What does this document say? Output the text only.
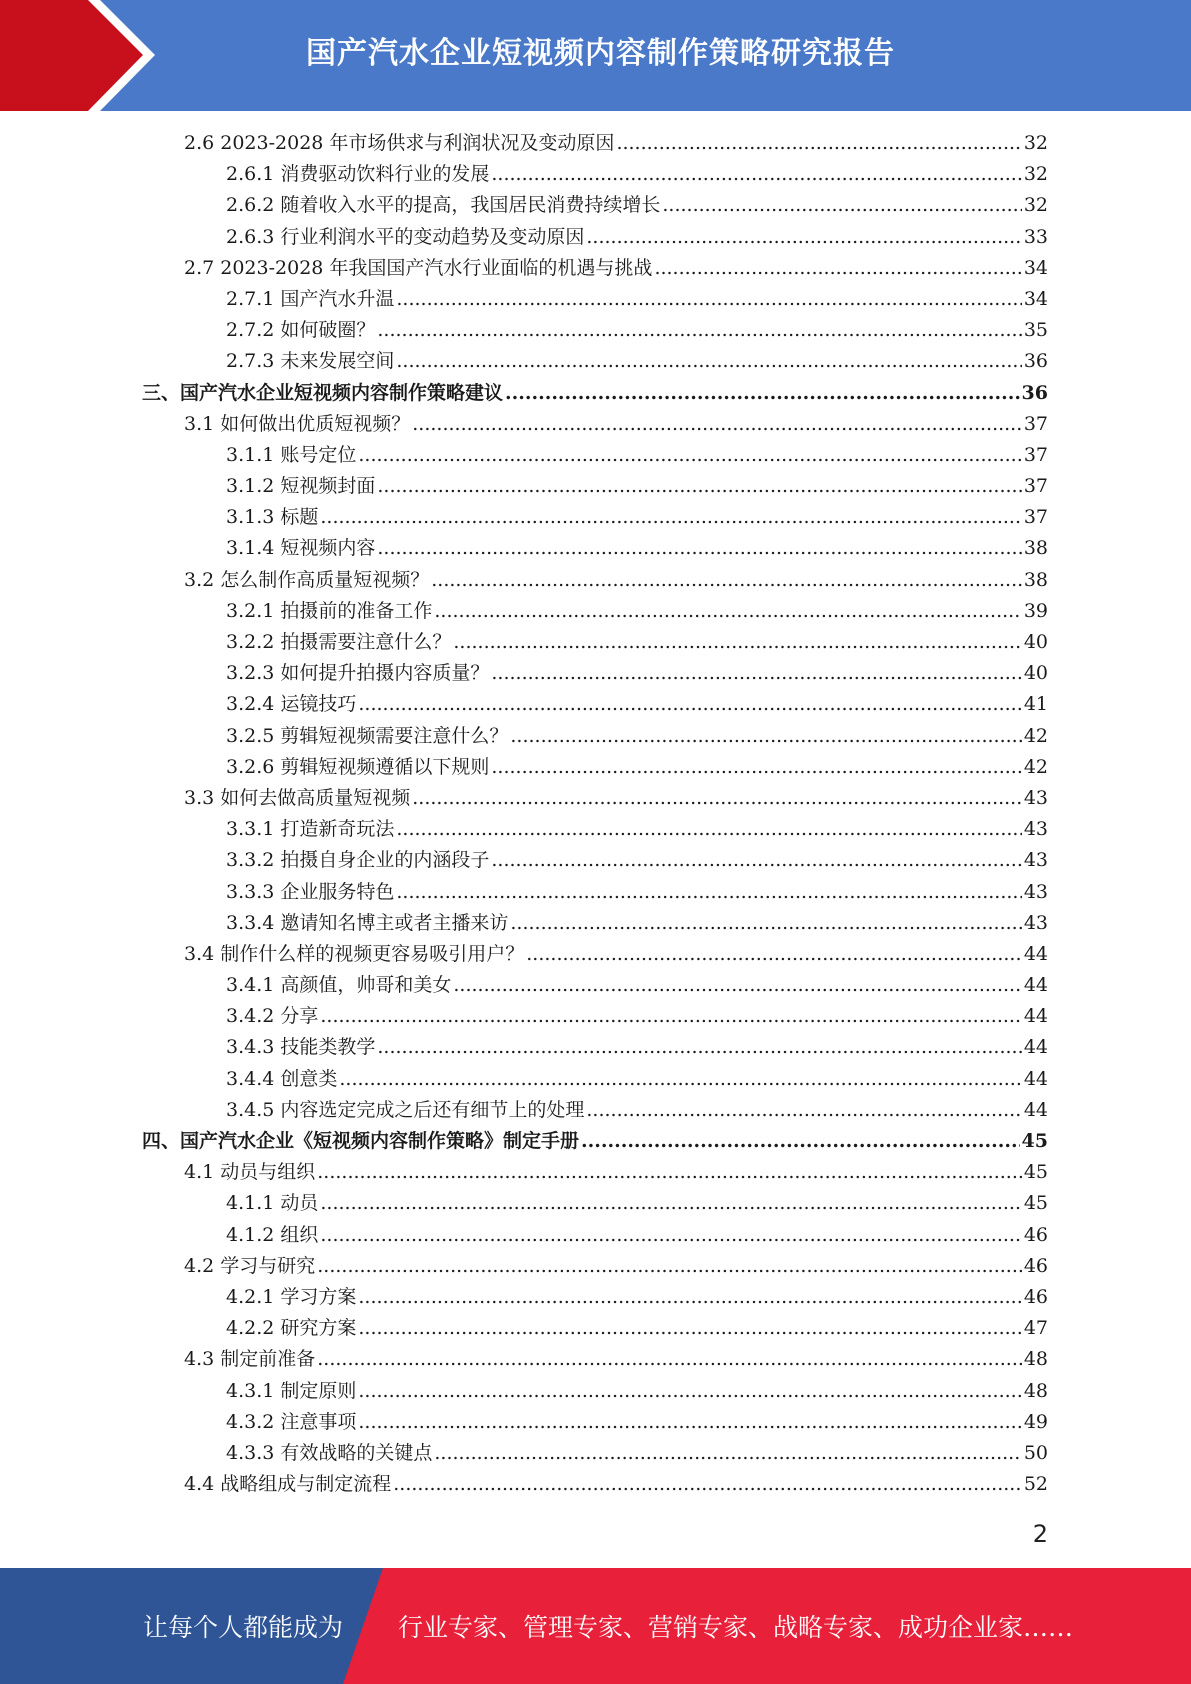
国产汽水企业短视频内容制作策略研究报告
2.6 2023-2028 年市场供求与利润状况及变动原因 .....	32
2.6.1 消费驱动饮料行业的发展 .....	32
2.6.2 随着收入水平的提高，我国居民消费持续增长 .....	32
2.6.3 行业利润水平的变动趋势及变动原因 .....	33
2.7 2023-2028 年我国国产汽水行业面临的机遇与挑战 .....	34
2.7.1 国产汽水升温 .....	34
2.7.2 如何破圈？ .....	35
2.7.3 未来发展空间 .....	36
三、国产汽水企业短视频内容制作策略建议 .....	36
3.1 如何做出优质短视频？ .....	37
3.1.1 账号定位 .....	37
3.1.2 短视频封面 .....	37
3.1.3 标题 .....	37
3.1.4 短视频内容 .....	38
3.2 怎么制作高质量短视频？ .....	38
3.2.1 拍摄前的准备工作 .....	39
3.2.2 拍摄需要注意什么？ .....	40
3.2.3 如何提升拍摄内容质量？ .....	40
3.2.4 运镜技巧 .....	41
3.2.5 剪辑短视频需要注意什么？ .....	42
3.2.6 剪辑短视频遵循以下规则 .....	42
3.3 如何去做高质量短视频 .....	43
3.3.1 打造新奇玩法 .....	43
3.3.2 拍摄自身企业的内涵段子 .....	43
3.3.3 企业服务特色 .....	43
3.3.4 邀请知名博主或者主播来访 .....	43
3.4 制作什么样的视频更容易吸引用户？ .....	44
3.4.1 高颜值，帅哥和美女 .....	44
3.4.2 分享 .....	44
3.4.3 技能类教学 .....	44
3.4.4 创意类 .....	44
3.4.5 内容选定完成之后还有细节上的处理 .....	44
四、国产汽水企业《短视频内容制作策略》制定手册 .....	45
4.1 动员与组织 .....	45
4.1.1 动员 .....	45
4.1.2 组织 .....	46
4.2 学习与研究 .....	46
4.2.1 学习方案 .....	46
4.2.2 研究方案 .....	47
4.3 制定前准备 .....	48
4.3.1 制定原则 .....	48
4.3.2 注意事项 .....	49
4.3.3 有效战略的关键点 .....	50
4.4 战略组成与制定流程 .....	52
2
让每个人都能成为 行业专家、管理专家、营销专家、战略专家、成功企业家……
